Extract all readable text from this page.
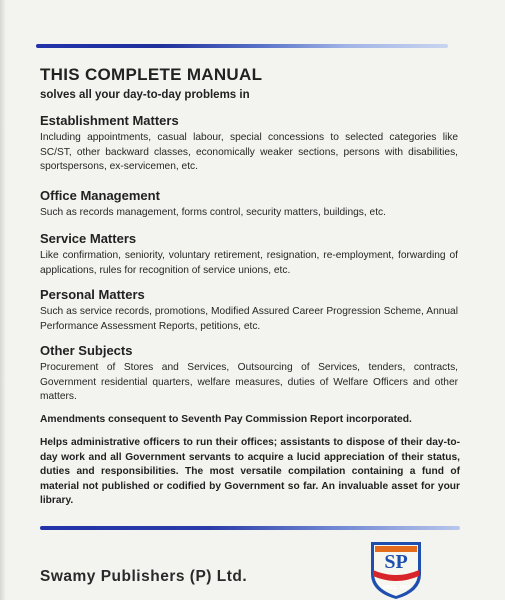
THIS COMPLETE MANUAL
solves all your day-to-day problems in
Establishment Matters

Including appointments, casual labour, special concessions to selected categories like SC/ST, other backward classes, economically weaker sections, persons with disabilities, sportspersons, ex-servicemen, etc.

Office Management

Such as records management, forms control, security matters, buildings, etc.

Service Matters

Like confirmation, seniority, voluntary retirement, resignation, re-employment, forwarding of applications, rules for recognition of service unions, etc.

Personal Matters

Such as service records, promotions, Modified Assured Career Progression Scheme, Annual Performance Assessment Reports, petitions, etc.

Other Subjects

Procurement of Stores and Services, Outsourcing of Services, tenders, contracts, Government residential quarters, welfare measures, duties of Welfare Officers and other matters.

Amendments consequent to Seventh Pay Commission Report incorporated.

Helps administrative officers to run their offices; assistants to dispose of their day-to-day work and all Government servants to acquire a lucid appreciation of their status, duties and responsibilities. The most versatile compilation containing a fund of material not published or codified by Government so far. An invaluable asset for your library.

Swamy Publishers (P) Ltd.
SP
SINCE 1963
